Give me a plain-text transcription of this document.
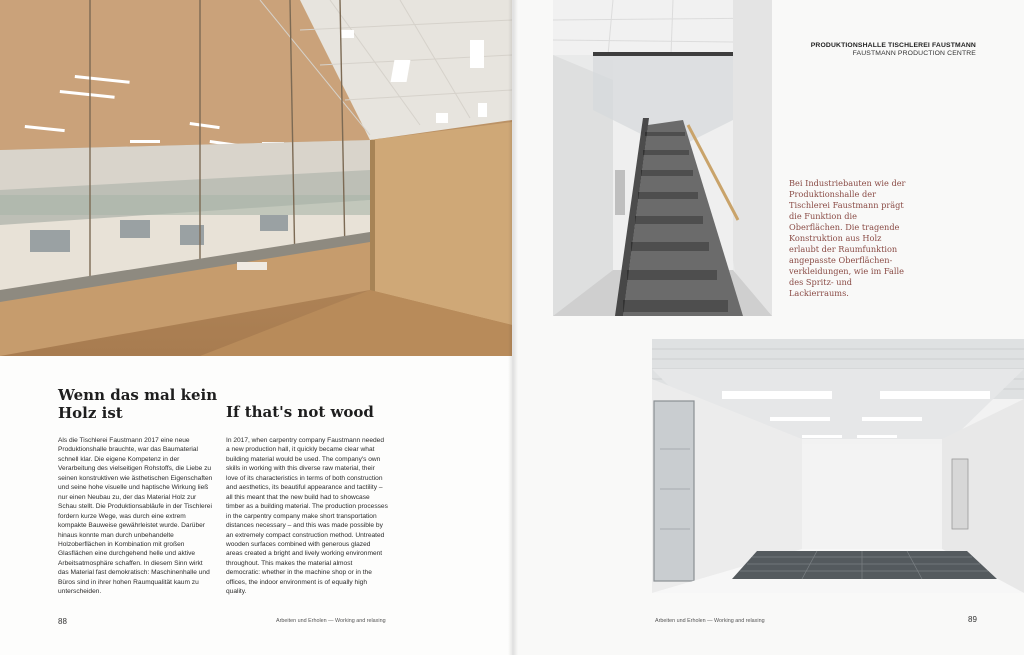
Wenn das mal kein Holz ist	If that's not wood

Als die Tischlerei Faustmann 2017 eine neue Produktionshalle brauchte, war das Baumaterial schnell klar. Die eigene Kompetenz in der Verarbeitung des vielseitigen Rohstoffs, die Liebe zu seinen konstruktiven wie ästhetischen Eigenschaften und seine hohe visuelle und haptische Wirkung ließ nur einen Neubau zu, der das Material Holz zur Schau stellt. Die Produktionsabläufe in der Tischlerei fordern kurze Wege, was durch eine extrem kompakte Bauweise gewährleistet wurde. Darüber hinaus konnte man durch unbehandelte Holzoberflächen in Kombination mit großen Glasflächen eine durchgehend helle und aktive Arbeitsatmosphäre schaffen. In diesem Sinn wirkt das Material fast demokratisch: Maschinenhalle und Büros sind in ihrer hohen Raumqualität kaum zu unterscheiden.

In 2017, when carpentry company Faustmann needed a new production hall, it quickly became clear what building material would be used. The company's own skills in working with this diverse raw material, their love of its characteristics in terms of both construction and aesthetics, its beautiful appearance and tactility – all this meant that the new build had to showcase timber as a building material. The production processes in the carpentry company make short transportation distances necessary – and this was made possible by an extremely compact construction method. Untreated wooden surfaces combined with generous glazed areas created a bright and lively working environment throughout. This makes the material almost democratic: whether in the machine shop or in the offices, the indoor environment is of equally high quality.

88	Arbeiten und Erholen — Working and relaxing
PRODUKTIONSHALLE TISCHLEREI FAUSTMANN
FAUSTMANN PRODUCTION CENTRE

Bei Industriebauten wie der Produktionshalle der Tischlerei Faustmann prägt die Funktion die Oberflächen. Die tragende Konstruktion aus Holz erlaubt der Raumfunktion angepasste Oberflächen-verkleidungen, wie im Falle des Spritz- und Lackierraums.

89
Arbeiten und Erholen — Working and relaxing
